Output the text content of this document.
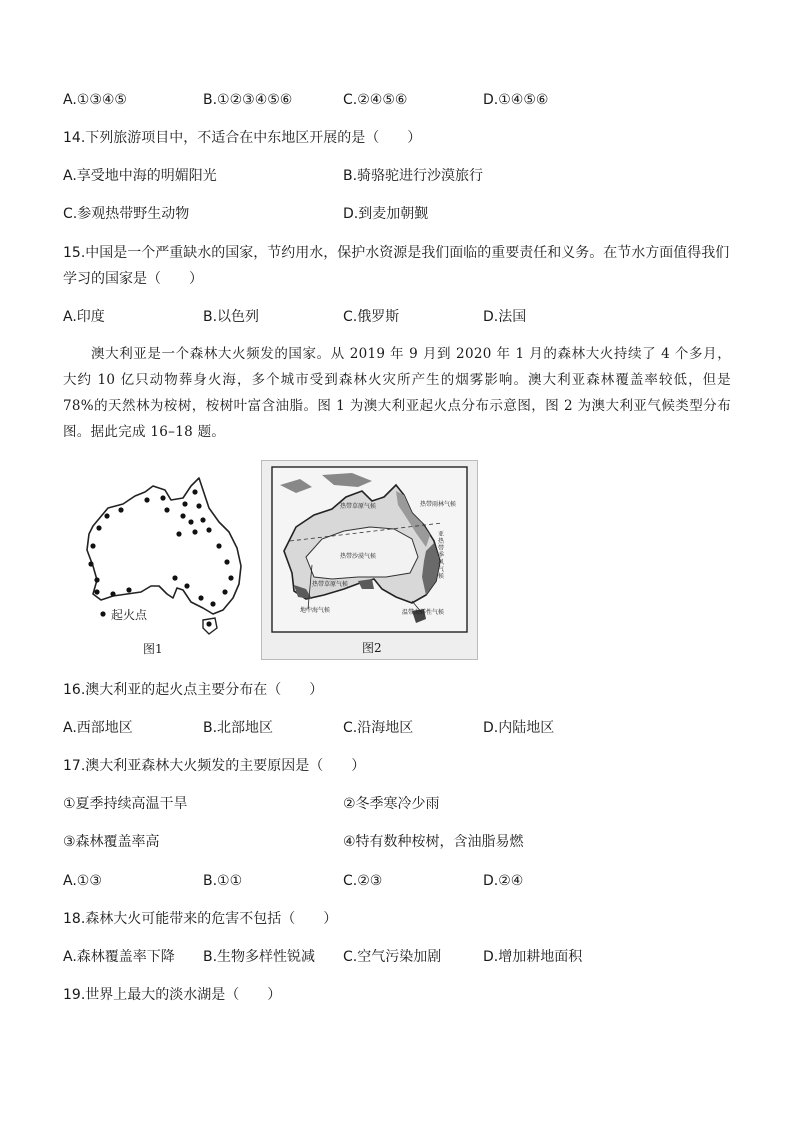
A.①③④⑤	B.①②③④⑤⑥	C.②④⑤⑥	D.①④⑤⑥
14.下列旅游项目中，不适合在中东地区开展的是（　　）
A.享受地中海的明媚阳光	B.骑骆驼进行沙漠旅行
C.参观热带野生动物	D.到麦加朝觐
15.中国是一个严重缺水的国家，节约用水，保护水资源是我们面临的重要责任和义务。在节水方面值得我们
学习的国家是（　　）
A.印度	B.以色列	C.俄罗斯	D.法国

澳大利亚是一个森林大火频发的国家。从 2019 年 9 月到 2020 年 1 月的森林大火持续了 4 个多月，大约 10 亿只动物葬身火海，多个城市受到森林火灾所产生的烟雾影响。澳大利亚森林覆盖率较低，但是 78%的天然林为桉树，桉树叶富含油脂。图 1 为澳大利亚起火点分布示意图，图 2 为澳大利亚气候类型分布图。据此完成 16–18 题。

起火点
图1
热带草原气候	热带雨林气候
热带沙漠气候
亚热带季风气候
地中海气候	温带海洋性气候
热带草原气候
图2
16.澳大利亚的起火点主要分布在（　　）
A.西部地区	B.北部地区	C.沿海地区	D.内陆地区
17.澳大利亚森林大火频发的主要原因是（　　）
①夏季持续高温干旱	②冬季寒冷少雨
③森林覆盖率高	④特有数种桉树，含油脂易燃
A.①③	B.①①	C.②③	D.②④
18.森林大火可能带来的危害不包括（　　）
A.森林覆盖率下降 B.生物多样性锐减 C.空气污染加剧	D.增加耕地面积
19.世界上最大的淡水湖是（　　）
